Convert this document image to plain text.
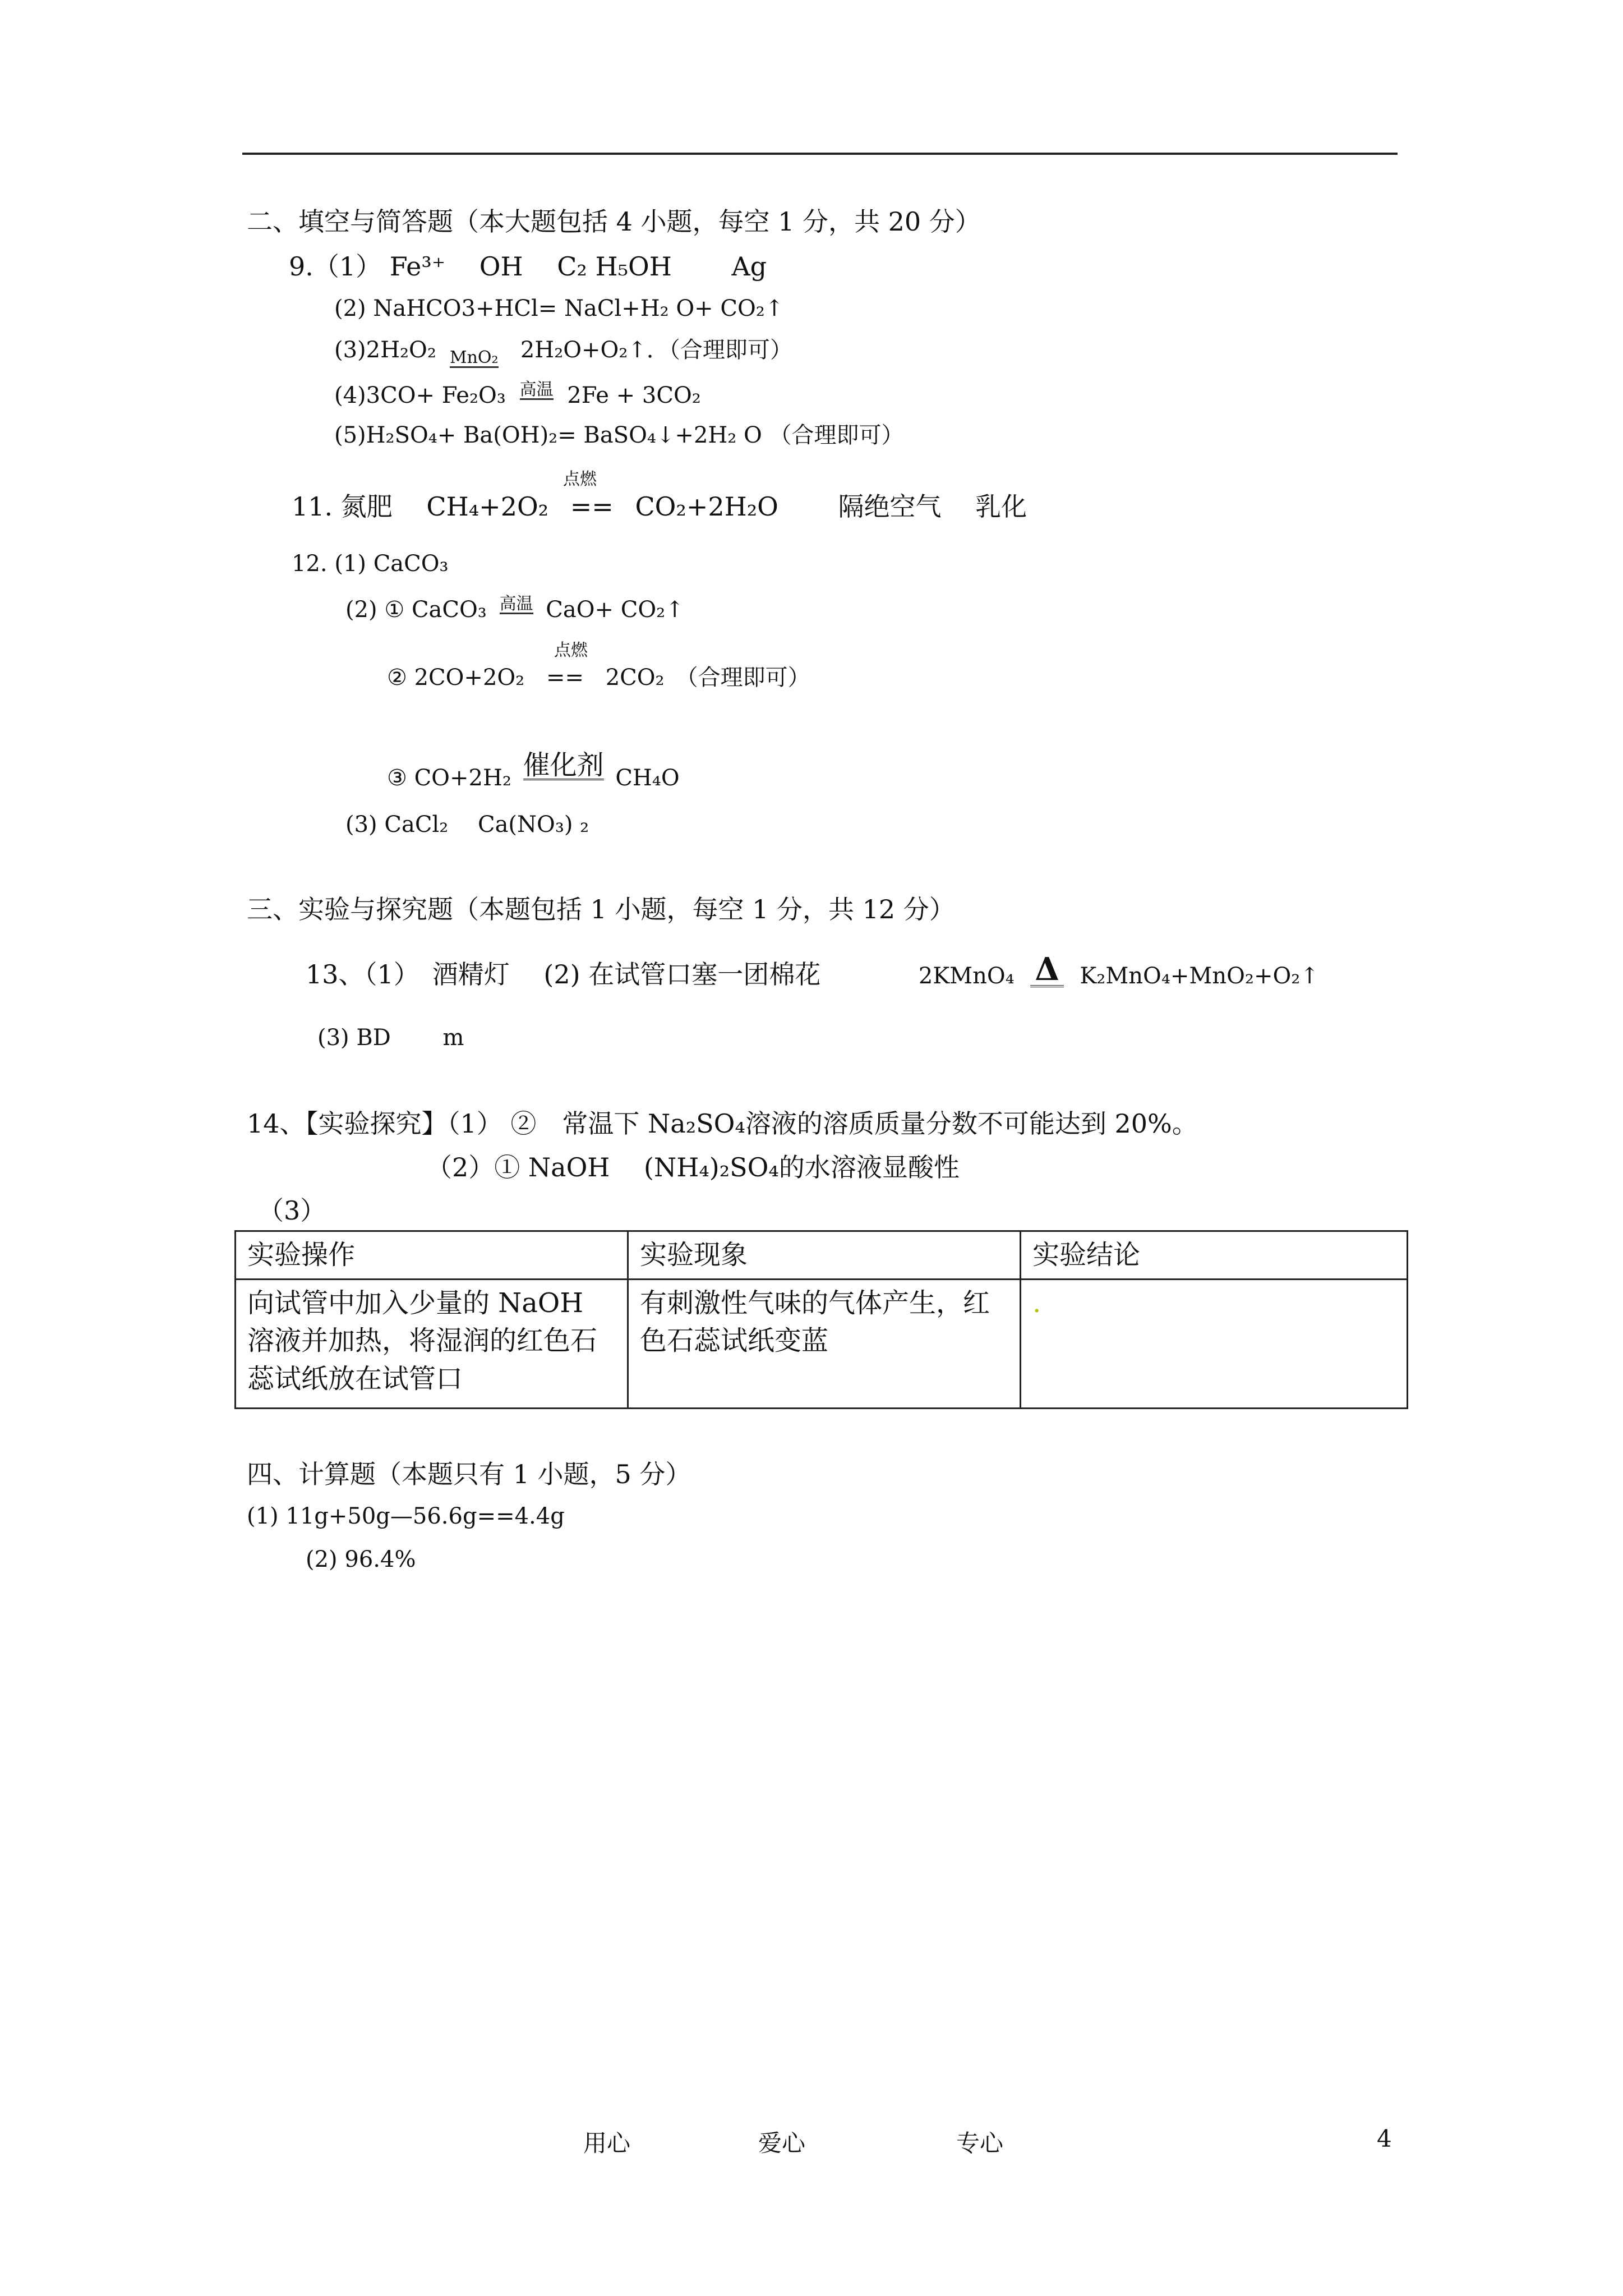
二、填空与简答题（本大题包括 4 小题，每空 1 分，共 20 分）
9.（1） Fe³⁺　 OH　 C₂ H₅OH　　 Ag
(2) NaHCO3+HCl= NaCl+H₂ O+ CO₂↑
(3)2H₂O₂ MnO₂ 2H₂O+O₂↑．（合理即可）
(4)3CO+ Fe₂O₃ 高温 2Fe + 3CO₂
(5)H₂SO₄+ Ba(OH)₂= BaSO₄↓+2H₂ O （合理即可）
点燃
11. 氮肥　 CH₄+2O₂ == CO₂+2H₂O　　 隔绝空气　 乳化
12. (1) CaCO₃
(2) ① CaCO₃ 高温 CaO+ CO₂↑
点燃
② 2CO+2O₂ == 2CO₂　（合理即可）
③ CO+2H₂ 催化剂 CH₄O
(3) CaCl₂　 Ca(NO₃) ₂
三、实验与探究题（本题包括 1 小题，每空 1 分，共 12 分）
13、（1）　酒精灯　 (2) 在试管口塞一团棉花	2KMnO₄ Δ K₂MnO₄+MnO₂+O₂↑
(3) BD　　 m
14、【实验探究】（1） ②　常温下 Na₂SO₄溶液的溶质质量分数不可能达到 20%。
（2）① NaOH　 (NH₄)₂SO₄的水溶液显酸性
（3）
实验操作	实验现象	实验结论
向试管中加入少量的 NaOH 溶液并加热，将湿润的红色石蕊试纸放在试管口	有刺激性气味的气体产生，红色石蕊试纸变蓝	.
四、计算题（本题只有 1 小题，5 分）
(1) 11g+50g—56.6g==4.4g
(2) 96.4%
用心	爱心	专心	4
